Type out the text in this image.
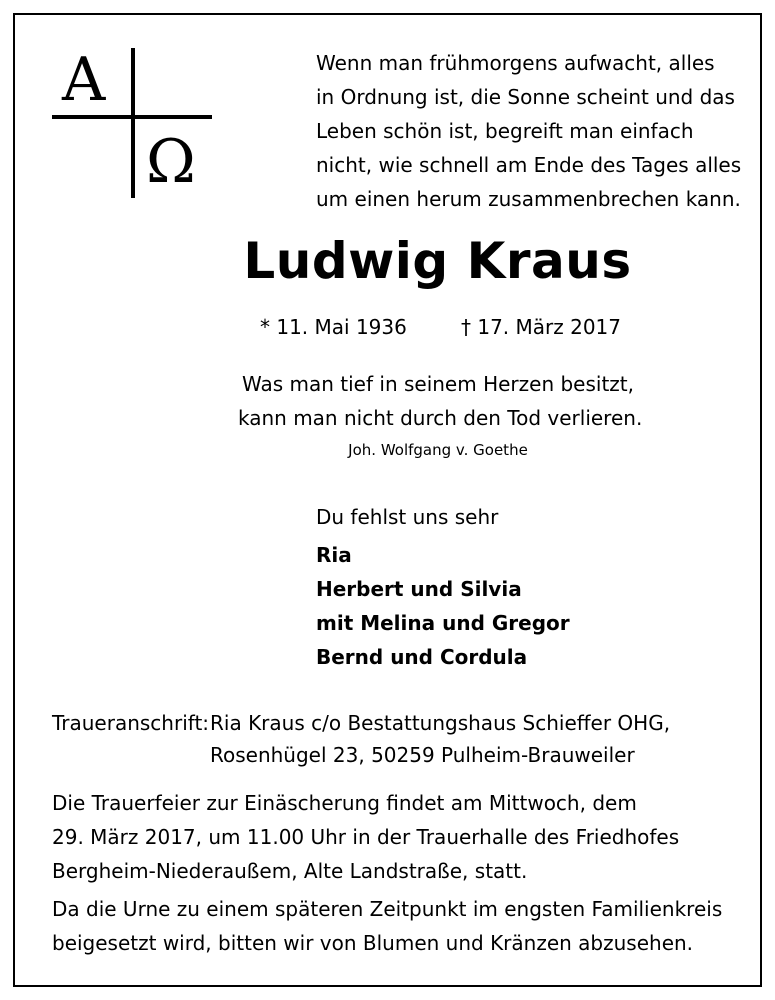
A
Ω
Wenn man frühmorgens aufwacht, alles
in Ordnung ist, die Sonne scheint und das
Leben schön ist, begreift man einfach
nicht, wie schnell am Ende des Tages alles
um einen herum zusammenbrechen kann.
Ludwig Kraus
* 11. Mai 1936	† 17. März 2017
Was man tief in seinem Herzen besitzt,
kann man nicht durch den Tod verlieren.
Joh. Wolfgang v. Goethe
Du fehlst uns sehr
Ria
Herbert und Silvia
mit Melina und Gregor
Bernd und Cordula
Traueranschrift: Ria Kraus c/o Bestattungshaus Schieffer OHG,
Rosenhügel 23, 50259 Pulheim-Brauweiler
Die Trauerfeier zur Einäscherung findet am Mittwoch, dem
29. März 2017, um 11.00 Uhr in der Trauerhalle des Friedhofes
Bergheim-Niederaußem, Alte Landstraße, statt.
Da die Urne zu einem späteren Zeitpunkt im engsten Familienkreis
beigesetzt wird, bitten wir von Blumen und Kränzen abzusehen.
